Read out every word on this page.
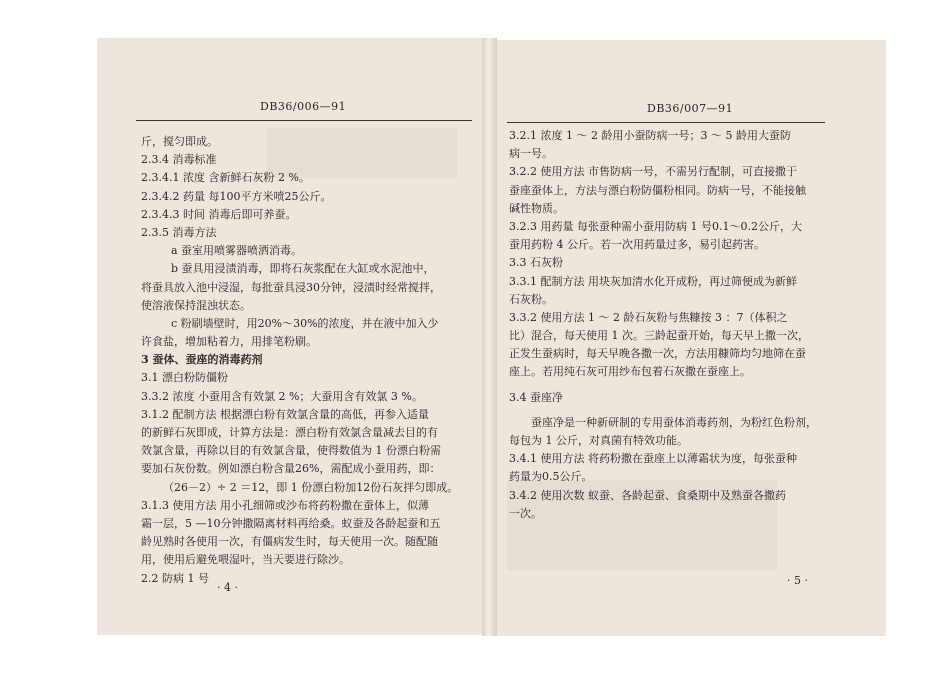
DB36/006—91
斤，搅匀即成。
2.3.4 消毒标准
2.3.4.1 浓度 含新鲜石灰粉 2 %。
2.3.4.2 药量 每100平方米喷25公斤。
2.3.4.3 时间 消毒后即可养蚕。
2.3.5 消毒方法
a 蚕室用喷雾器喷洒消毒。
b 蚕具用浸渍消毒，即将石灰浆配在大缸或水泥池中，
将蚕具放入池中浸湿，每批蚕具浸30分钟，浸渍时经常搅拌，
使溶液保持混浊状态。
c 粉刷墙壁时，用20%～30%的浓度，并在液中加入少
许食盐，增加粘着力，用排笔粉刷。
3 蚕体、蚕座的消毒药剂
3.1 漂白粉防僵粉
3.3.2 浓度 小蚕用含有效氯 2 %；大蚕用含有效氯 3 %。
3.1.2 配制方法 根据漂白粉有效氯含量的高低，再参入适量
的新鲜石灰即成，计算方法是：漂白粉有效氯含量减去目的有
效氯含量，再除以目的有效氯含量，使得数值为 1 份漂白粉需
要加石灰份数。例如漂白粉含量26%，需配成小蚕用药，即：
（26－2）÷ 2 ＝12，即 1 份漂白粉加12份石灰拌匀即成。
3.1.3 使用方法 用小孔细筛或沙布将药粉撒在蚕体上，似薄
霜一层，5 —10分钟撒隔离材料再给桑。蚁蚕及各龄起蚕和五
龄见熟时各使用一次，有僵病发生时，每天使用一次。随配随
用，使用后避免喂湿叶，当天要进行除沙。
2.2 防病 1 号
· 4 ·
DB36/007—91
3.2.1 浓度 1 ～ 2 龄用小蚕防病一号；3 ～ 5 龄用大蚕防
病一号。
3.2.2 使用方法 市售防病一号，不需另行配制，可直接撒于
蚕座蚕体上，方法与漂白粉防僵粉相同。防病一号，不能接触
碱性物质。
3.2.3 用药量 每张蚕种需小蚕用防病 1 号0.1～0.2公斤，大
蚕用药粉 4 公斤。若一次用药量过多，易引起药害。
3.3 石灰粉
3.3.1 配制方法 用块灰加清水化开成粉，再过筛便成为新鲜
石灰粉。
3.3.2 使用方法 1 ～ 2 龄石灰粉与焦糠按 3 ：7（体积之
比）混合，每天使用 1 次。三龄起蚕开始，每天早上撒一次，
正发生蚕病时，每天早晚各撒一次，方法用糠筛均匀地筛在蚕
座上。若用纯石灰可用纱布包着石灰撒在蚕座上。
3.4 蚕座净
蚕座净是一种新研制的专用蚕体消毒药剂，为粉红色粉剂，
每包为 1 公斤，对真菌有特效功能。
3.4.1 使用方法 将药粉撒在蚕座上以薄霜状为度，每张蚕种
药量为0.5公斤。
3.4.2 使用次数 蚁蚕、各龄起蚕、食桑期中及熟蚕各撒药
一次。
· 5 ·
